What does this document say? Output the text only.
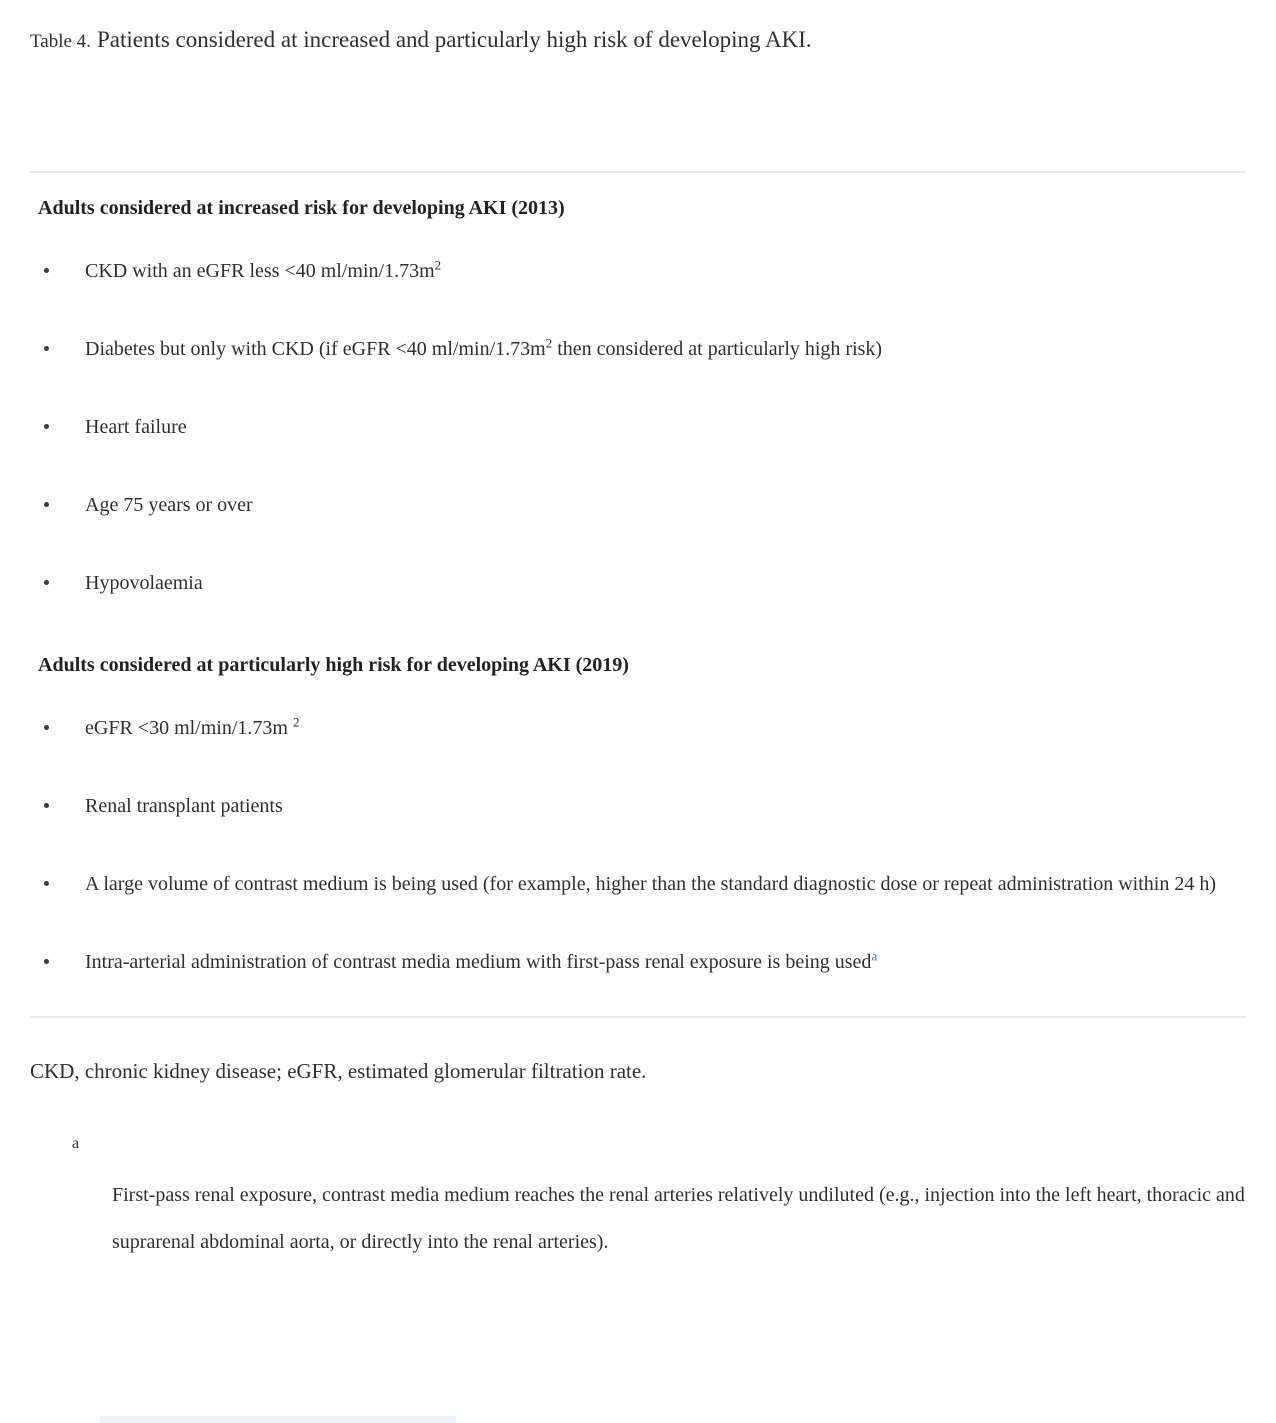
Table 4. Patients considered at increased and particularly high risk of developing AKI.
Adults considered at increased risk for developing AKI (2013)
CKD with an eGFR less <40 $ml/\min/1.73m^2$
Diabetes but only with CKD (if eGFR <40 $ml/\min/1.73m^2$ then considered at particularly high risk)
Heart failure
Age 75 years or over
Hypovolaemia
Adults considered at particularly high risk for developing AKI (2019)
eGFR <30 ml/min/1.73m $^2$
Renal transplant patients
A large volume of contrast medium is being used (for example, higher than the standard diagnostic dose or repeat administration within 24 h)
Intra-arterial administration of contrast media medium with first-pass renal exposure is being used$^a$

CKD, chronic kidney disease; eGFR, estimated glomerular filtration rate.

a

First-pass renal exposure, contrast media medium reaches the renal arteries relatively undiluted (e.g., injection into the left heart, thoracic and suprarenal abdominal aorta, or directly into the renal arteries).
